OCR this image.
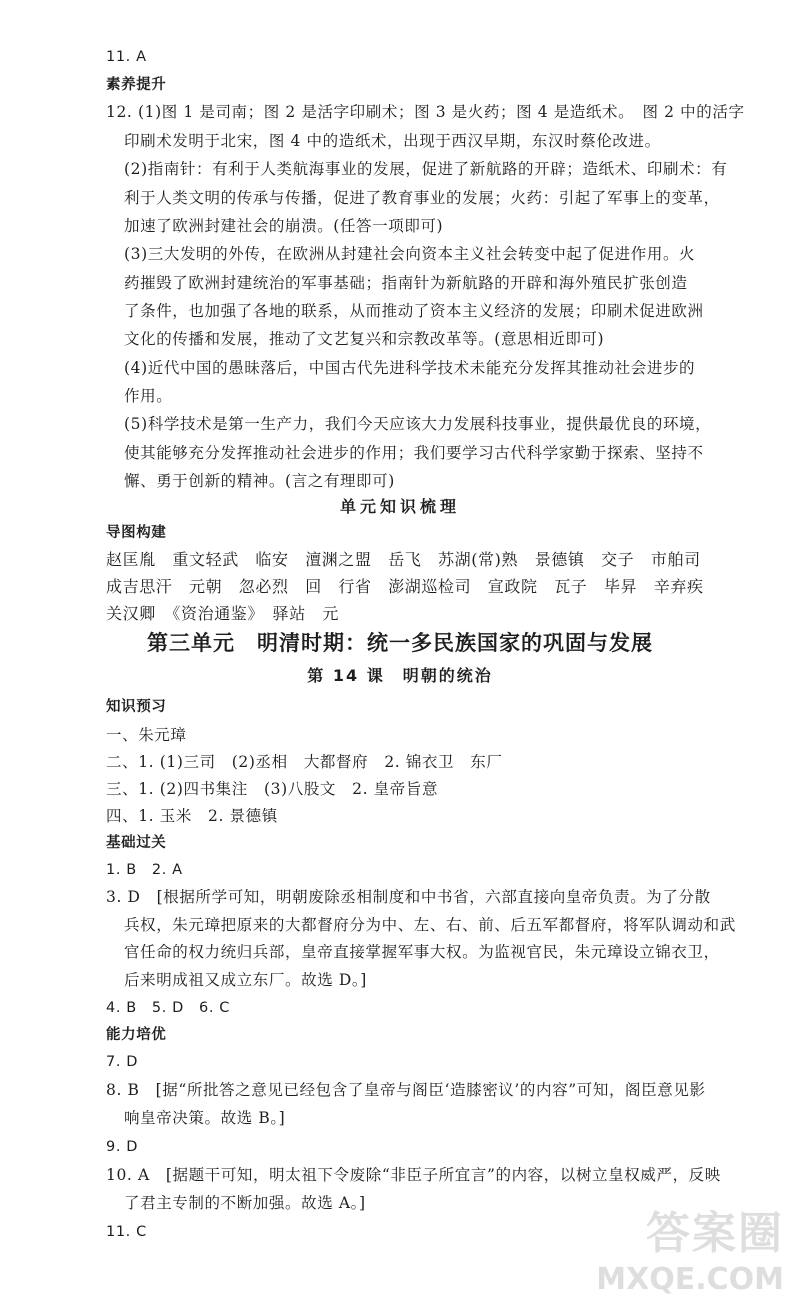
11. A
素养提升
12. (1)图 1 是司南；图 2 是活字印刷术；图 3 是火药；图 4 是造纸术。　图 2 中的活字
印刷术发明于北宋，图 4 中的造纸术，出现于西汉早期，东汉时蔡伦改进。
(2)指南针：有利于人类航海事业的发展，促进了新航路的开辟；造纸术、印刷术：有
利于人类文明的传承与传播，促进了教育事业的发展；火药：引起了军事上的变革，
加速了欧洲封建社会的崩溃。(任答一项即可)
(3)三大发明的外传，在欧洲从封建社会向资本主义社会转变中起了促进作用。火
药摧毁了欧洲封建统治的军事基础；指南针为新航路的开辟和海外殖民扩张创造
了条件，也加强了各地的联系，从而推动了资本主义经济的发展；印刷术促进欧洲
文化的传播和发展，推动了文艺复兴和宗教改革等。(意思相近即可)
(4)近代中国的愚昧落后，中国古代先进科学技术未能充分发挥其推动社会进步的
作用。
(5)科学技术是第一生产力，我们今天应该大力发展科技事业，提供最优良的环境，
使其能够充分发挥推动社会进步的作用；我们要学习古代科学家勤于探索、坚持不
懈、勇于创新的精神。(言之有理即可)
单元知识梳理
导图构建
赵匡胤　重文轻武　临安　澶渊之盟　岳飞　苏湖(常)熟　景德镇　交子　市舶司
成吉思汗　元朝　忽必烈　回　行省　澎湖巡检司　宣政院　瓦子　毕昇　辛弃疾
关汉卿　《资治通鉴》　驿站　元
第三单元　明清时期：统一多民族国家的巩固与发展
第 14 课　明朝的统治
知识预习
一、朱元璋
二、1. (1)三司　(2)丞相　大都督府　2. 锦衣卫　东厂
三、1. (2)四书集注　(3)八股文　2. 皇帝旨意
四、1. 玉米　2. 景德镇
基础过关
1. B　2. A
3. D　[根据所学可知，明朝废除丞相制度和中书省，六部直接向皇帝负责。为了分散
兵权，朱元璋把原来的大都督府分为中、左、右、前、后五军都督府，将军队调动和武
官任命的权力统归兵部，皇帝直接掌握军事大权。为监视官民，朱元璋设立锦衣卫，
后来明成祖又成立东厂。故选 D。]
4. B　5. D　6. C
能力培优
7. D
8. B　[据“所批答之意见已经包含了皇帝与阁臣‘造膝密议’的内容”可知，阁臣意见影
响皇帝决策。故选 B。]
9. D
10. A　[据题干可知，明太祖下令废除“非臣子所宜言”的内容，以树立皇权威严，反映
了君主专制的不断加强。故选 A。]
11. C	答案圈
MXQE.COM
